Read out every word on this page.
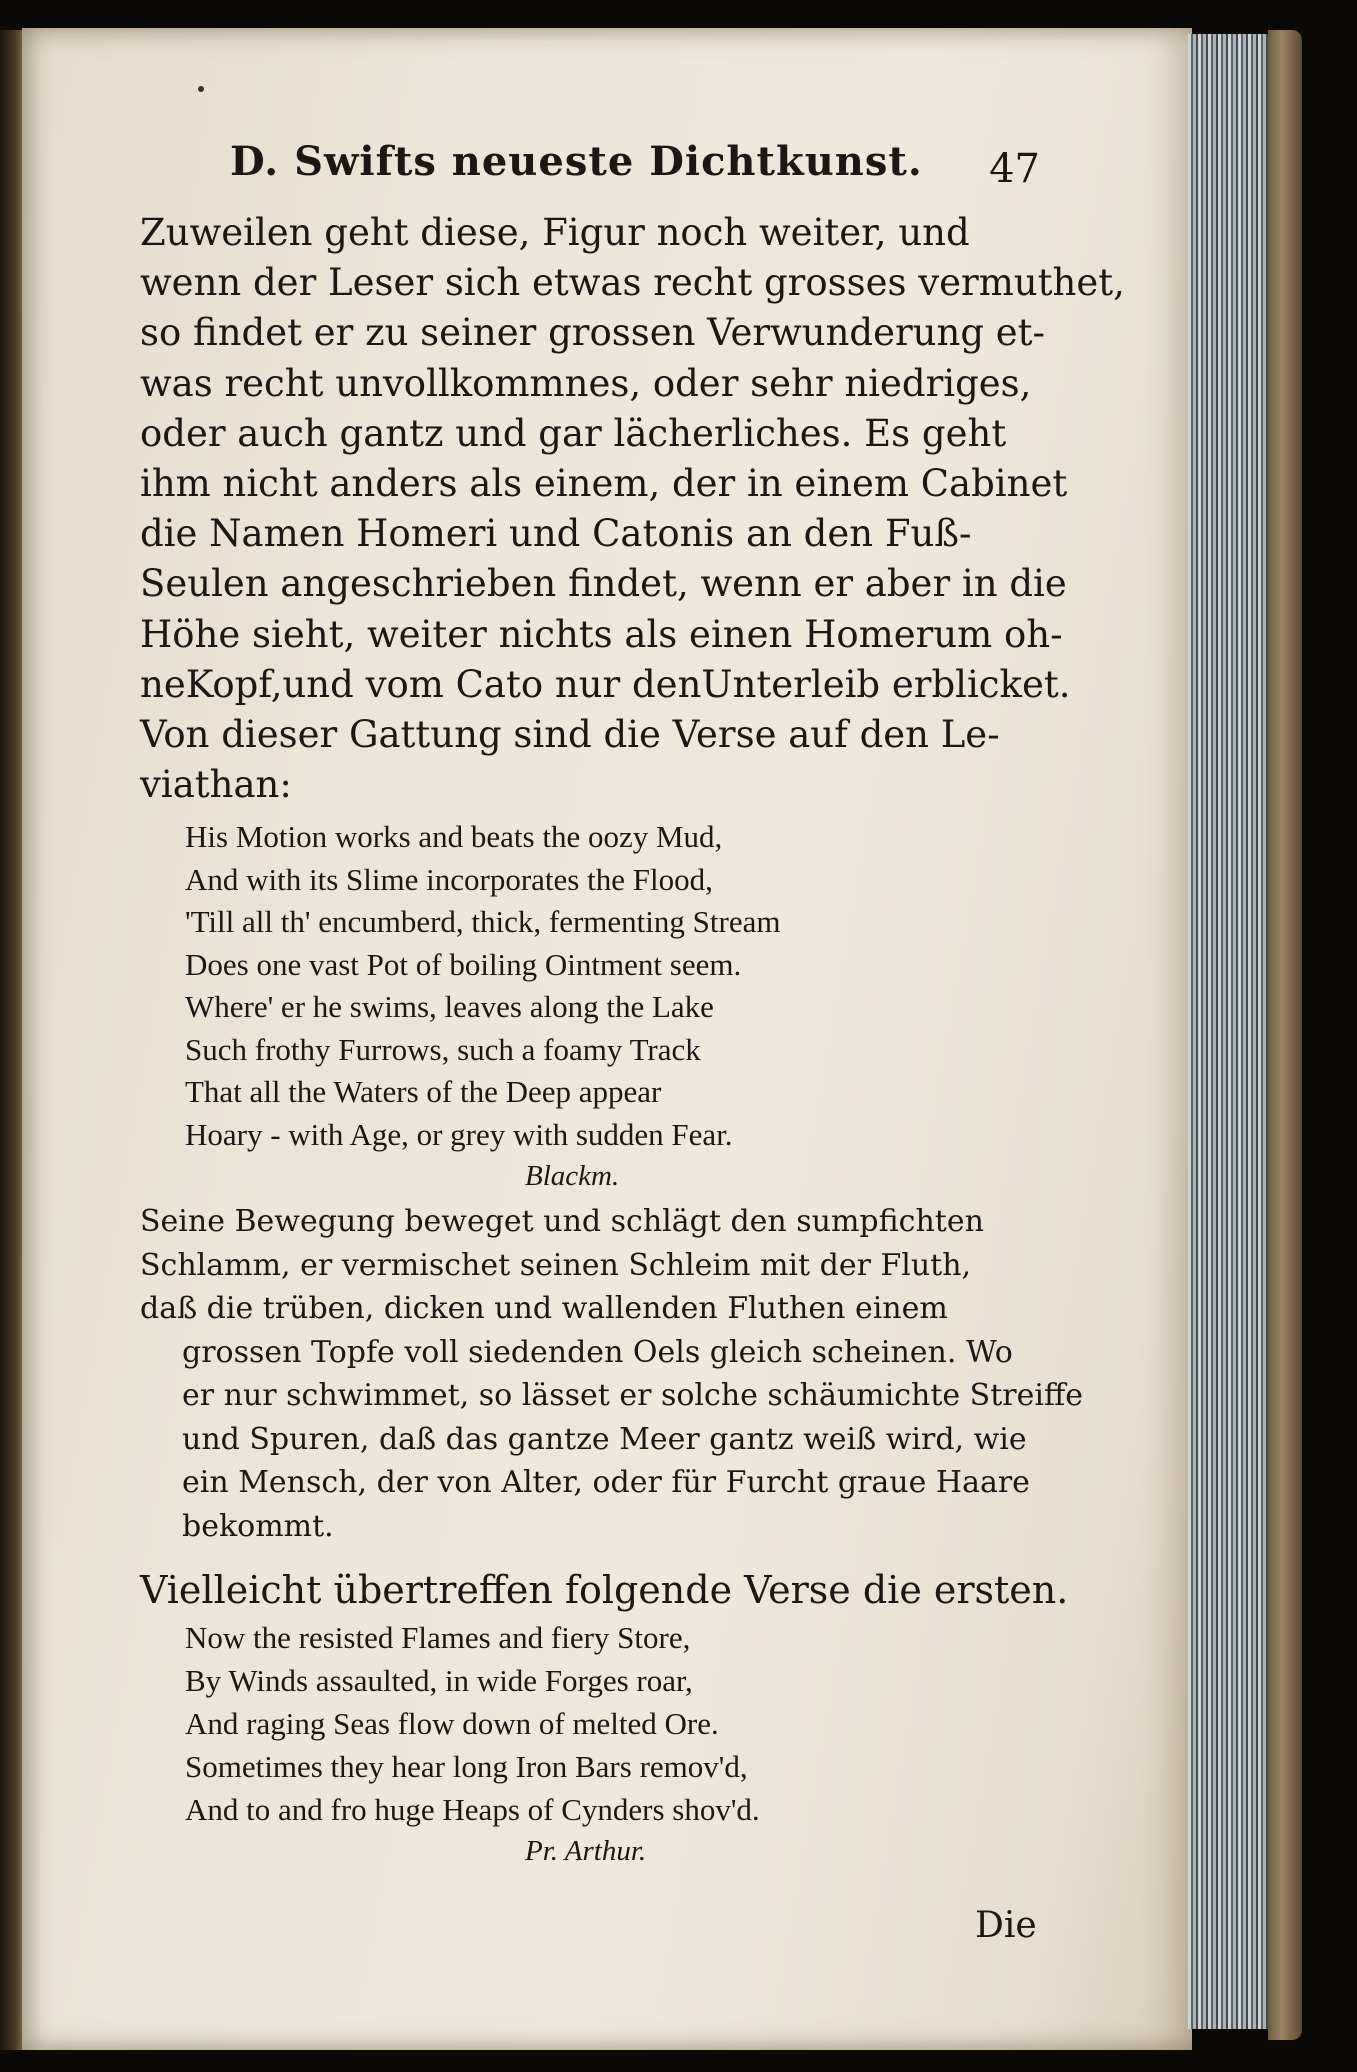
D. Swifts neueste Dichtkunst. 47
Zuweilen geht diese, Figur noch weiter, und
wenn der Leser sich etwas recht grosses vermuthet,
so findet er zu seiner grossen Verwunderung et-
was recht unvollkommnes, oder sehr niedriges,
oder auch gantz und gar lächerliches. Es geht
ihm nicht anders als einem, der in einem Cabinet
die Namen Homeri und Catonis an den Fuß-
Seulen angeschrieben findet, wenn er aber in die
Höhe sieht, weiter nichts als einen Homerum oh-
neKopf,und vom Cato nur denUnterleib erblicket.
Von dieser Gattung sind die Verse auf den Le-
viathan:
His Motion works and beats the oozy Mud,
And with its Slime incorporates the Flood,
'Till all th' encumberd, thick, fermenting Stream
Does one vast Pot of boiling Ointment seem.
Where' er he swims, leaves along the Lake
Such frothy Furrows, such a foamy Track
That all the Waters of the Deep appear
Hoary - with Age, or grey with sudden Fear.
Blackm.
Seine Bewegung beweget und schlägt den sumpfichten
Schlamm, er vermischet seinen Schleim mit der Fluth,
daß die trüben, dicken und wallenden Fluthen einem
grossen Topfe voll siedenden Oels gleich scheinen. Wo
er nur schwimmet, so lässet er solche schäumichte Streiffe
und Spuren, daß das gantze Meer gantz weiß wird, wie
ein Mensch, der von Alter, oder für Furcht graue Haare
bekommt.
Vielleicht übertreffen folgende Verse die ersten.
Now the resisted Flames and fiery Store,
By Winds assaulted, in wide Forges roar,
And raging Seas flow down of melted Ore.
Sometimes they hear long Iron Bars remov'd,
And to and fro huge Heaps of Cynders shov'd.
Pr. Arthur.
Die
